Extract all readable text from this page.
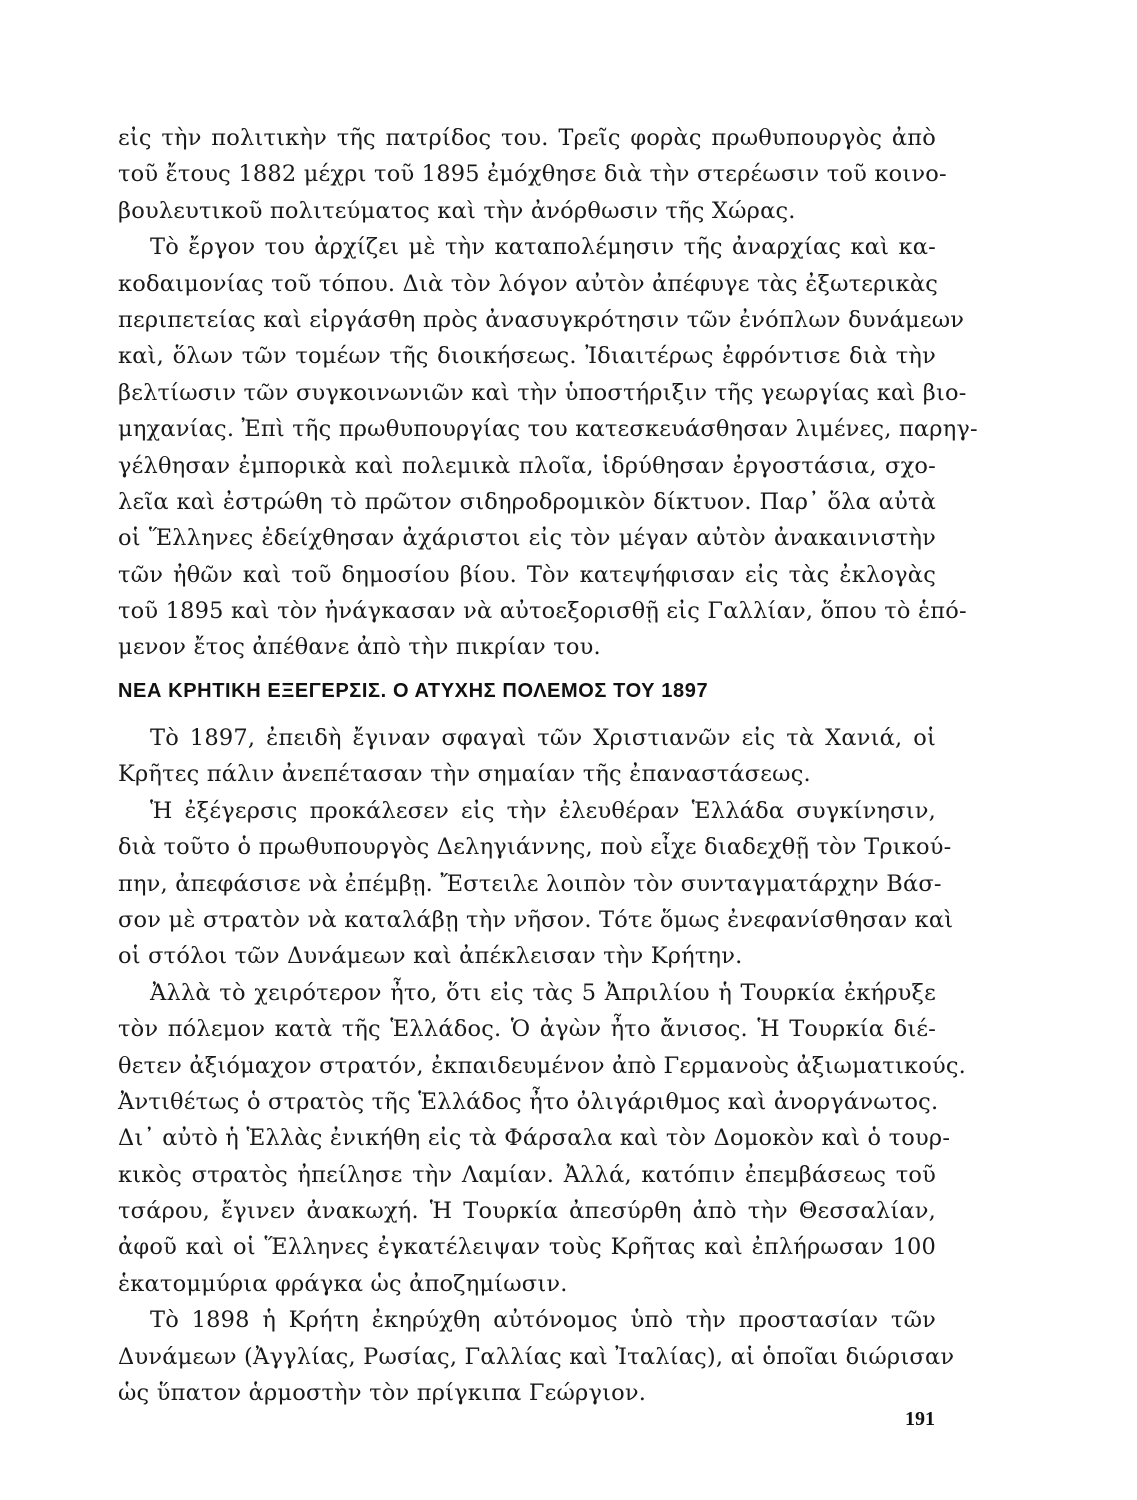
εἰς τὴν πολιτικὴν τῆς πατρίδος του. Τρεῖς φορὰς πρωθυπουργὸς ἀπὸ
τοῦ ἔτους 1882 μέχρι τοῦ 1895 ἐμόχθησε διὰ τὴν στερέωσιν τοῦ κοινο-
βουλευτικοῦ πολιτεύματος καὶ τὴν ἀνόρθωσιν τῆς Χώρας.
Τὸ ἔργον του ἀρχίζει μὲ τὴν καταπολέμησιν τῆς ἀναρχίας καὶ κα-
κοδαιμονίας τοῦ τόπου. Διὰ τὸν λόγον αὐτὸν ἀπέφυγε τὰς ἐξωτερικὰς
περιπετείας καὶ εἰργάσθη πρὸς ἀνασυγκρότησιν τῶν ἐνόπλων δυνάμεων
καὶ, ὅλων τῶν τομέων τῆς διοικήσεως. Ἰδιαιτέρως ἐφρόντισε διὰ τὴν
βελτίωσιν τῶν συγκοινωνιῶν καὶ τὴν ὑποστήριξιν τῆς γεωργίας καὶ βιο-
μηχανίας. Ἐπὶ τῆς πρωθυπουργίας του κατεσκευάσθησαν λιμένες, παρηγ-
γέλθησαν ἐμπορικὰ καὶ πολεμικὰ πλοῖα, ἱδρύθησαν ἐργοστάσια, σχο-
λεῖα καὶ ἐστρώθη τὸ πρῶτον σιδηροδρομικὸν δίκτυον. Παρ᾽ ὅλα αὐτὰ
οἱ Ἕλληνες ἐδείχθησαν ἀχάριστοι εἰς τὸν μέγαν αὐτὸν ἀνακαινιστὴν
τῶν ἠθῶν καὶ τοῦ δημοσίου βίου. Τὸν κατεψήφισαν εἰς τὰς ἐκλογὰς
τοῦ 1895 καὶ τὸν ἠνάγκασαν νὰ αὐτοεξορισθῇ εἰς Γαλλίαν, ὅπου τὸ ἑπό-
μενον ἔτος ἀπέθανε ἀπὸ τὴν πικρίαν του.
ΝΕΑ ΚΡΗΤΙΚΗ ΕΞΕΓΕΡΣΙΣ. Ο ΑΤΥΧΗΣ ΠΟΛΕΜΟΣ ΤΟΥ 1897
Τὸ 1897, ἐπειδὴ ἔγιναν σφαγαὶ τῶν Χριστιανῶν εἰς τὰ Χανιά, οἱ
Κρῆτες πάλιν ἀνεπέτασαν τὴν σημαίαν τῆς ἐπαναστάσεως.
Ἡ ἐξέγερσις προκάλεσεν εἰς τὴν ἐλευθέραν Ἑλλάδα συγκίνησιν,
διὰ τοῦτο ὁ πρωθυπουργὸς Δεληγιάννης, ποὺ εἶχε διαδεχθῇ τὸν Τρικού-
πην, ἀπεφάσισε νὰ ἐπέμβῃ. Ἔστειλε λοιπὸν τὸν συνταγματάρχην Βάσ-
σον μὲ στρατὸν νὰ καταλάβῃ τὴν νῆσον. Τότε ὅμως ἐνεφανίσθησαν καὶ
οἱ στόλοι τῶν Δυνάμεων καὶ ἀπέκλεισαν τὴν Κρήτην.
Ἀλλὰ τὸ χειρότερον ἦτο, ὅτι εἰς τὰς 5 Ἀπριλίου ἡ Τουρκία ἐκήρυξε
τὸν πόλεμον κατὰ τῆς Ἑλλάδος. Ὁ ἀγὼν ἦτο ἄνισος. Ἡ Τουρκία διέ-
θετεν ἀξιόμαχον στρατόν, ἐκπαιδευμένον ἀπὸ Γερμανοὺς ἀξιωματικούς.
Ἀντιθέτως ὁ στρατὸς τῆς Ἑλλάδος ἦτο ὀλιγάριθμος καὶ ἀνοργάνωτος.
Δι᾽ αὐτὸ ἡ Ἑλλὰς ἐνικήθη εἰς τὰ Φάρσαλα καὶ τὸν Δομοκὸν καὶ ὁ τουρ-
κικὸς στρατὸς ἠπείλησε τὴν Λαμίαν. Ἀλλά, κατόπιν ἐπεμβάσεως τοῦ
τσάρου, ἔγινεν ἀνακωχή. Ἡ Τουρκία ἀπεσύρθη ἀπὸ τὴν Θεσσαλίαν,
ἀφοῦ καὶ οἱ Ἕλληνες ἐγκατέλειψαν τοὺς Κρῆτας καὶ ἐπλήρωσαν 100
ἑκατομμύρια φράγκα ὡς ἀποζημίωσιν.
Τὸ 1898 ἡ Κρήτη ἐκηρύχθη αὐτόνομος ὑπὸ τὴν προστασίαν τῶν
Δυνάμεων (Ἀγγλίας, Ρωσίας, Γαλλίας καὶ Ἰταλίας), αἱ ὁποῖαι διώρισαν
ὡς ὕπατον ἁρμοστὴν τὸν πρίγκιπα Γεώργιον.
191
